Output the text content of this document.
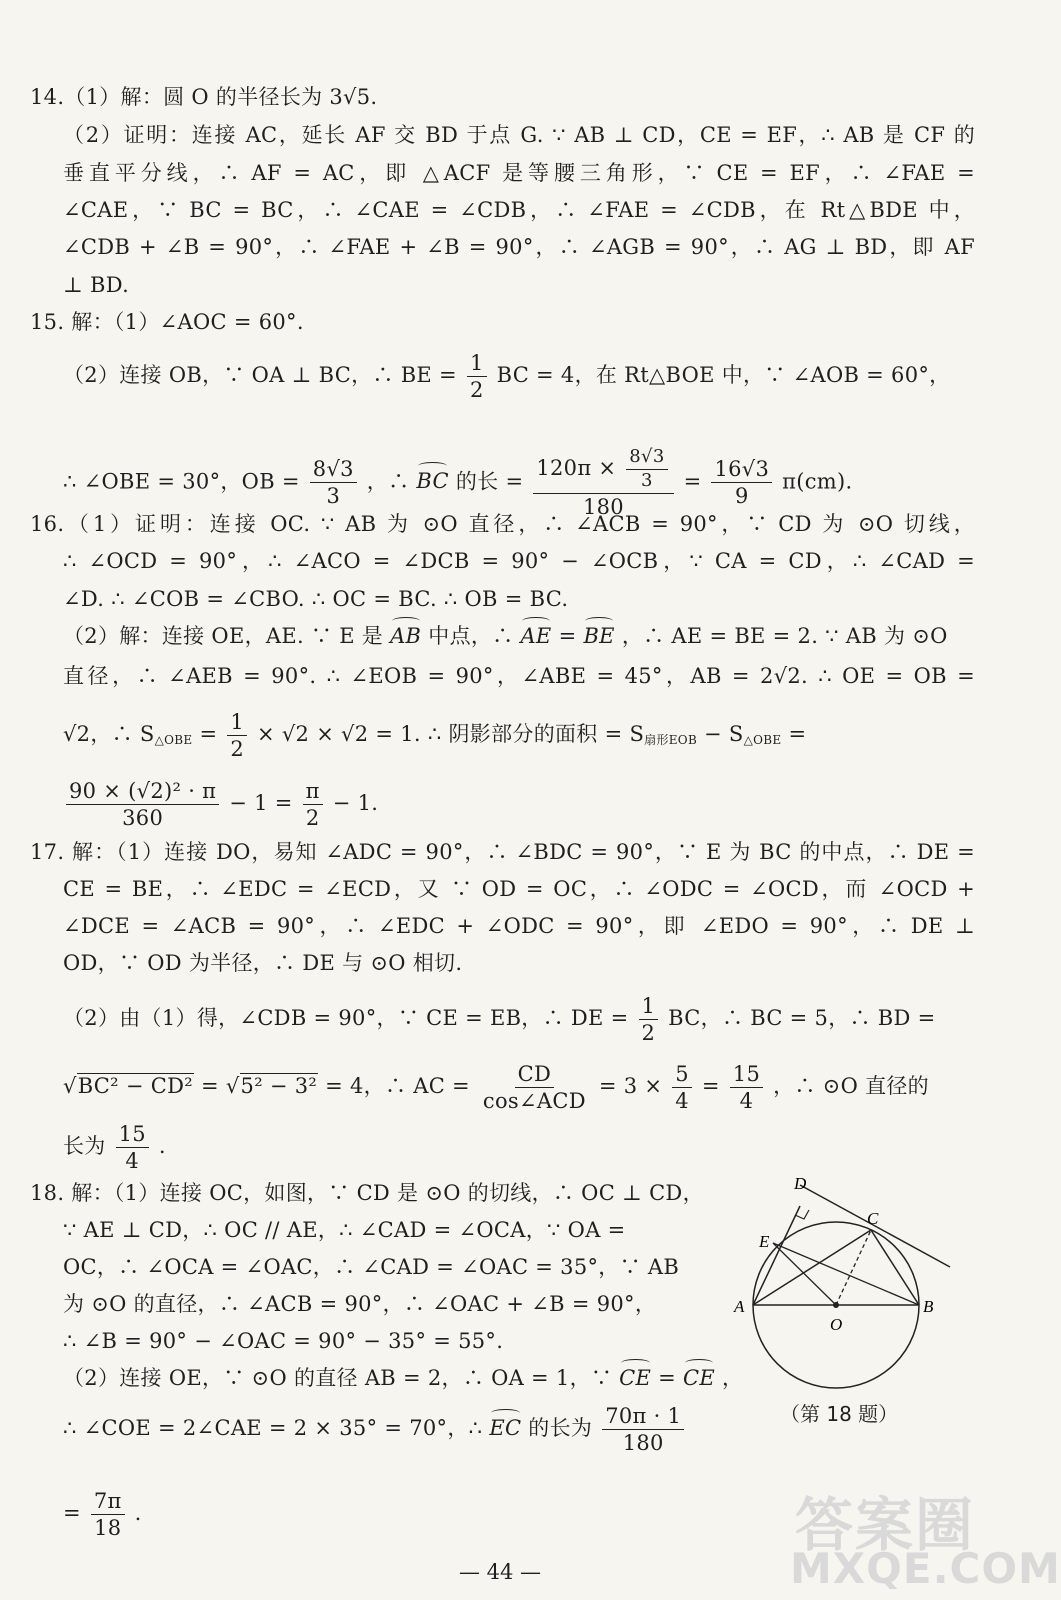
14.（1）解：圆 O 的半径长为 3√5.
（2）证明：连接 AC，延长 AF 交 BD 于点 G. ∵ AB ⊥ CD，CE = EF，∴ AB 是 CF 的
垂直平分线，∴ AF = AC，即 △ACF 是等腰三角形，∵ CE = EF，∴ ∠FAE =
∠CAE，∵ BC = BC，∴ ∠CAE = ∠CDB，∴ ∠FAE = ∠CDB，在 Rt△BDE 中，
∠CDB + ∠B = 90°，∴ ∠FAE + ∠B = 90°，∴ ∠AGB = 90°，∴ AG ⊥ BD，即 AF
⊥ BD.
15. 解：（1）∠AOC = 60°.
（2）连接 OB，∵ OA ⊥ BC，∴ BE = $\frac{1}{2}$ BC = 4，在 Rt△BOE 中，∵ ∠AOB = 60°，
∴ ∠OBE = 30°，OB = $\frac{8√3}{3}$ ，∴ BC 的长 = $\frac{120\pi \times \frac{8√3}{3}}{180} = \frac{16√3}{9} \pi(cm)$.
16.（1）证明：连接 OC. ∵ AB 为 ⊙O 直径，∴ ∠ACB = 90°，∵ CD 为 ⊙O 切线，
∴ ∠OCD = 90°，∴ ∠ACO = ∠DCB = 90° − ∠OCB，∵ CA = CD，∴ ∠CAD =
∠D. ∴ ∠COB = ∠CBO. ∴ OC = BC. ∴ OB = BC.
（2）解：连接 OE，AE. ∵ E 是 AB 中点，∴ AE = BE ，∴ AE = BE = 2. ∵ AB 为 ⊙O
直径，∴ ∠AEB = 90°. ∴ ∠EOB = 90°，∠ABE = 45°，AB = 2√2. ∴ OE = OB =
√2，∴ $S_{\triangle OBE} = \frac{1}{2} \times √2 \times √2 = 1$. ∴ 阴影部分的面积 = $S_{扇形EOB} - S_{\triangle OBE}$ =
$\frac{\text{90 × (√2)² · π}}{360} - 1 = \frac{\pi}{2} - 1$.
17. 解：（1）连接 DO，易知 ∠ADC = 90°，∴ ∠BDC = 90°，∵ E 为 BC 的中点，∴ DE =
CE = BE，∴ ∠EDC = ∠ECD，又 ∵ OD = OC，∴ ∠ODC = ∠OCD，而 ∠OCD +
∠DCE = ∠ACB = 90°，∴ ∠EDC + ∠ODC = 90°，即 ∠EDO = 90°，∴ DE ⊥
OD，∵ OD 为半径，∴ DE 与 ⊙O 相切.
（2）由（1）得，∠CDB = 90°，∵ CE = EB，∴ DE = $\frac{1}{2}$ BC，∴ BC = 5，∴ BD =
√BC² − CD² = √5² − 3² = 4，∴ AC = $\frac{CD}{\text{cos∠ACD}} = 3 \times \frac{5}{4} = \frac{15}{4}$ ，∴ ⊙O 直径的
长为 $\frac{15}{4}$ .
18. 解：（1）连接 OC，如图，∵ CD 是 ⊙O 的切线，∴ OC ⊥ CD，
∵ AE ⊥ CD，∴ OC // AE，∴ ∠CAD = ∠OCA，∵ OA =
OC，∴ ∠OCA = ∠OAC，∴ ∠CAD = ∠OAC = 35°，∵ AB
为 ⊙O 的直径，∴ ∠ACB = 90°，∴ ∠OAC + ∠B = 90°，
∴ ∠B = 90° − ∠OAC = 90° − 35° = 55°.
（2）连接 OE，∵ ⊙O 的直径 AB = 2，∴ OA = 1，∵ CE = CE ，
∴ ∠COE = 2∠CAE = 2 × 35° = 70°，∴ EC 的长为 $\frac{70\pi \cdot 1}{180}$
= $\frac{7\pi}{18}$ .
D
E
C
A
O
B
（第 18 题）
— 44 —
答案圈
MXQE.COM
